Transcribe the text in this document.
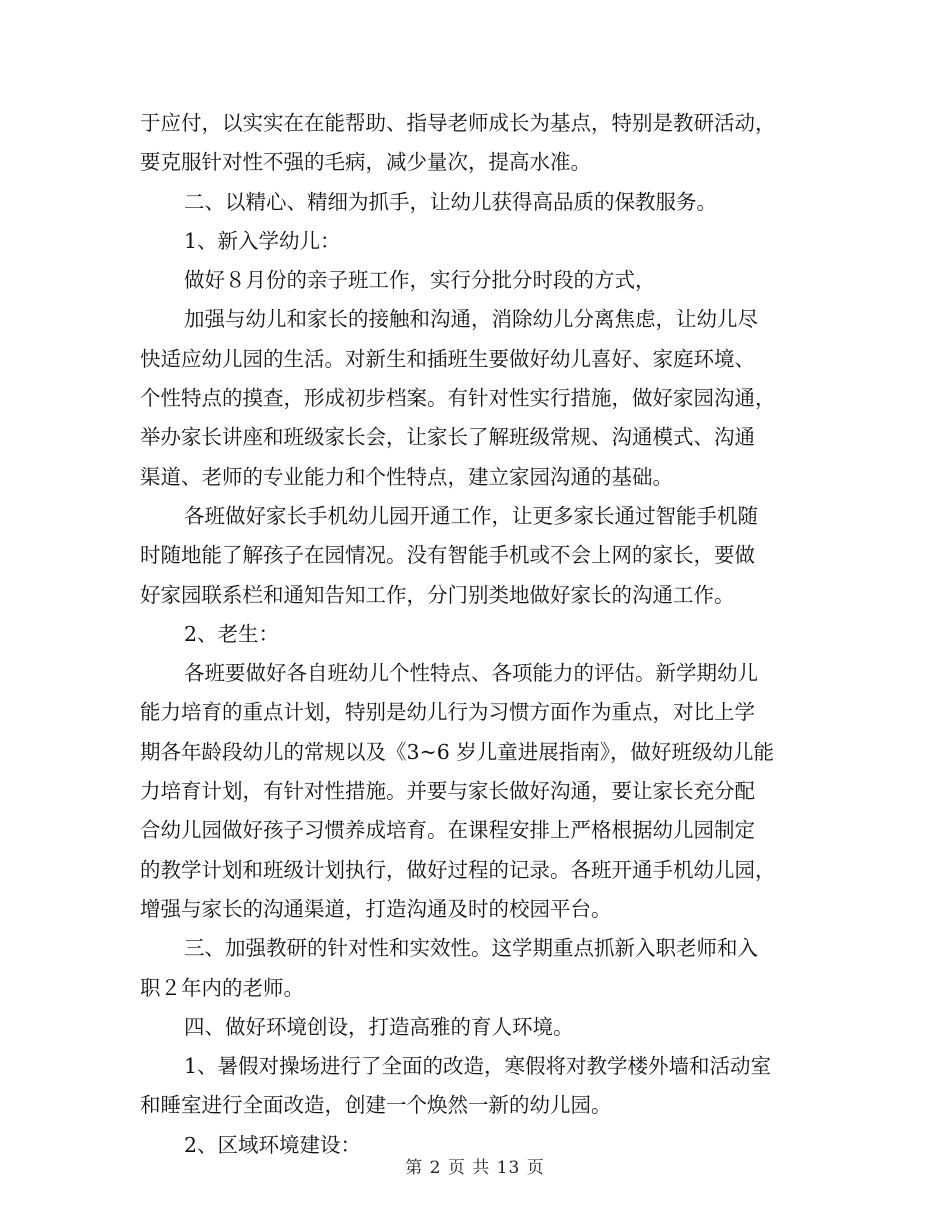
于应付，以实实在在能帮助、指导老师成长为基点，特别是教研活动，
要克服针对性不强的毛病，减少量次，提高水准。
二、以精心、精细为抓手，让幼儿获得高品质的保教服务。
1、新入学幼儿：
做好８月份的亲子班工作，实行分批分时段的方式，
加强与幼儿和家长的接触和沟通，消除幼儿分离焦虑，让幼儿尽
快适应幼儿园的生活。对新生和插班生要做好幼儿喜好、家庭环境、
个性特点的摸查，形成初步档案。有针对性实行措施，做好家园沟通，
举办家长讲座和班级家长会，让家长了解班级常规、沟通模式、沟通
渠道、老师的专业能力和个性特点，建立家园沟通的基础。
各班做好家长手机幼儿园开通工作，让更多家长通过智能手机随
时随地能了解孩子在园情况。没有智能手机或不会上网的家长，要做
好家园联系栏和通知告知工作，分门别类地做好家长的沟通工作。
2、老生：
各班要做好各自班幼儿个性特点、各项能力的评估。新学期幼儿
能力培育的重点计划，特别是幼儿行为习惯方面作为重点，对比上学
期各年龄段幼儿的常规以及《3~6 岁儿童进展指南》，做好班级幼儿能
力培育计划，有针对性措施。并要与家长做好沟通，要让家长充分配
合幼儿园做好孩子习惯养成培育。在课程安排上严格根据幼儿园制定
的教学计划和班级计划执行，做好过程的记录。各班开通手机幼儿园，
增强与家长的沟通渠道，打造沟通及时的校园平台。
三、加强教研的针对性和实效性。这学期重点抓新入职老师和入
职２年内的老师。
四、做好环境创设，打造高雅的育人环境。
1、暑假对操场进行了全面的改造，寒假将对教学楼外墙和活动室
和睡室进行全面改造，创建一个焕然一新的幼儿园。
2、区域环境建设：
第 2 页 共 13 页
